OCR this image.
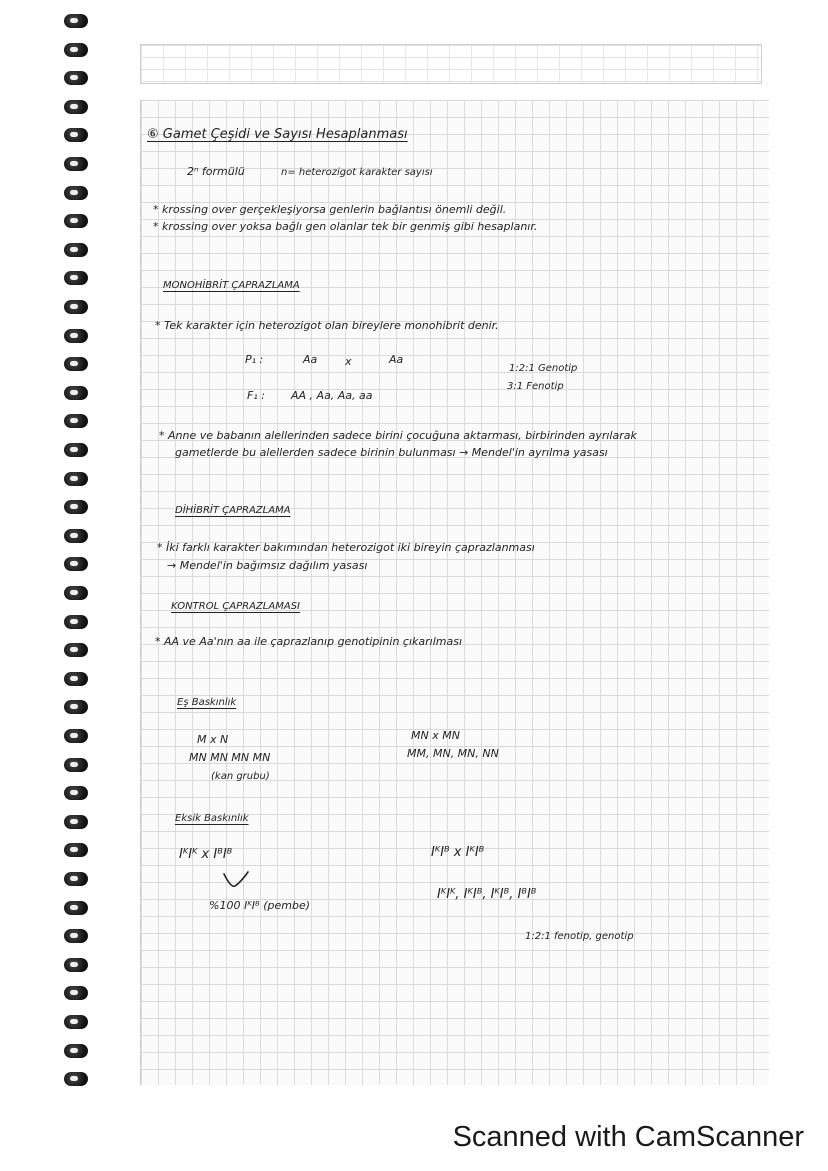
⑥ Gamet Çeşidi ve Sayısı Hesaplanması
2ⁿ formülü	n= heterozigot karakter sayısı
* krossing over gerçekleşiyorsa genlerin bağlantısı önemli değil.
* krossing over yoksa bağlı gen olanlar tek bir genmiş gibi hesaplanır.
MONOHİBRİT ÇAPRAZLAMA
* Tek karakter için heterozigot olan bireylere monohibrit denir.
P₁ :	Aa	x	Aa
1:2:1 Genotip
F₁ : AA , Aa, Aa, aa
3:1 Fenotip
* Anne ve babanın alellerinden sadece birini çocuğuna aktarması, birbirinden ayrılarak
gametlerde bu alellerden sadece birinin bulunması → Mendel'in ayrılma yasası
DİHİBRİT ÇAPRAZLAMA
* İki farklı karakter bakımından heterozigot iki bireyin çaprazlanması
→ Mendel'in bağımsız dağılım yasası
KONTROL ÇAPRAZLAMASI
* AA ve Aa'nın aa ile çaprazlanıp genotipinin çıkarılması
Eş Baskınlık
M x N
MN MN MN MN
(kan grubu)
MN x MN
MM, MN, MN, NN
Eksik Baskınlık
IᴷIᴷ x IᴮIᴮ
%100 IᴷIᴮ (pembe)
IᴷIᴮ x IᴷIᴮ
IᴷIᴷ, IᴷIᴮ, IᴷIᴮ, IᴮIᴮ
1:2:1 fenotip, genotip
Scanned with CamScanner
